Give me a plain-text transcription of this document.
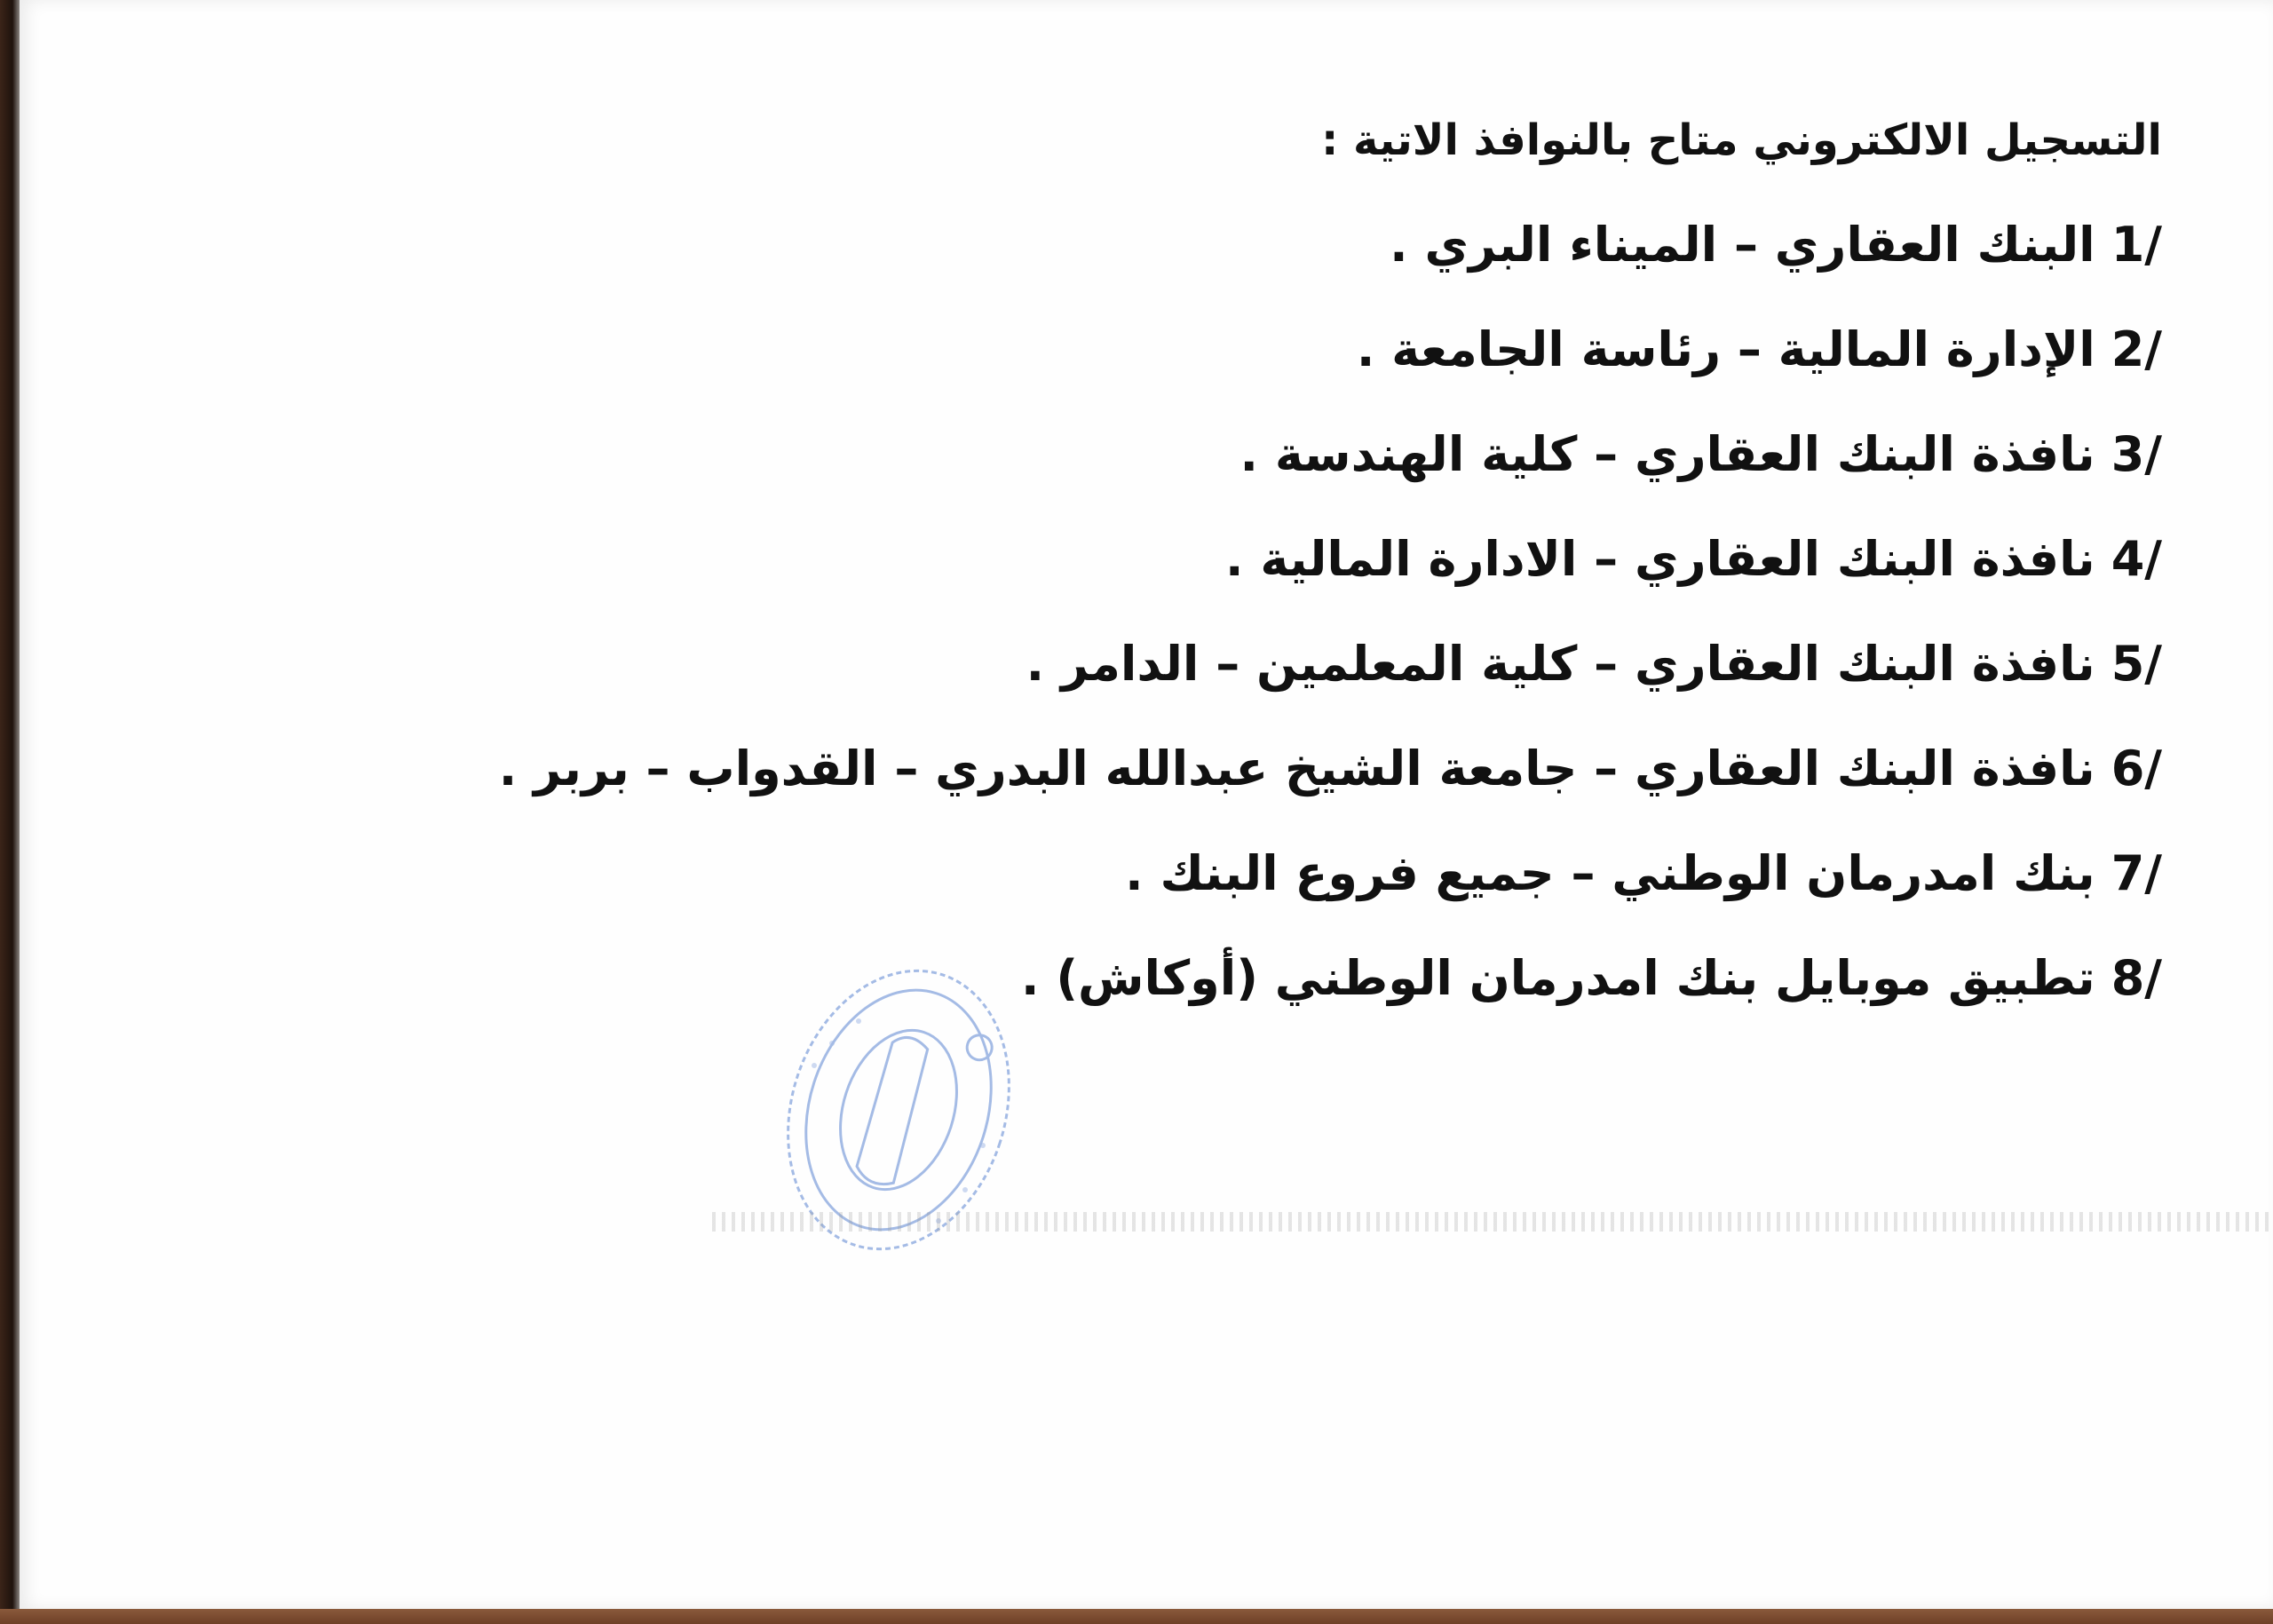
التسجيل الالكتروني متاح بالنوافذ الاتية :
1/البنك العقاري – الميناء البري .
2/الإدارة المالية – رئاسة الجامعة .
3/نافذة البنك العقاري – كلية الهندسة .
4/نافذة البنك العقاري – الادارة المالية .
5/نافذة البنك العقاري – كلية المعلمين – الدامر .
6/نافذة البنك العقاري – جامعة الشيخ عبدالله البدري – القدواب – بربر .
7/بنك امدرمان الوطني – جميع فروع البنك .
8/تطبيق موبايل بنك امدرمان الوطني (أوكاش) .
